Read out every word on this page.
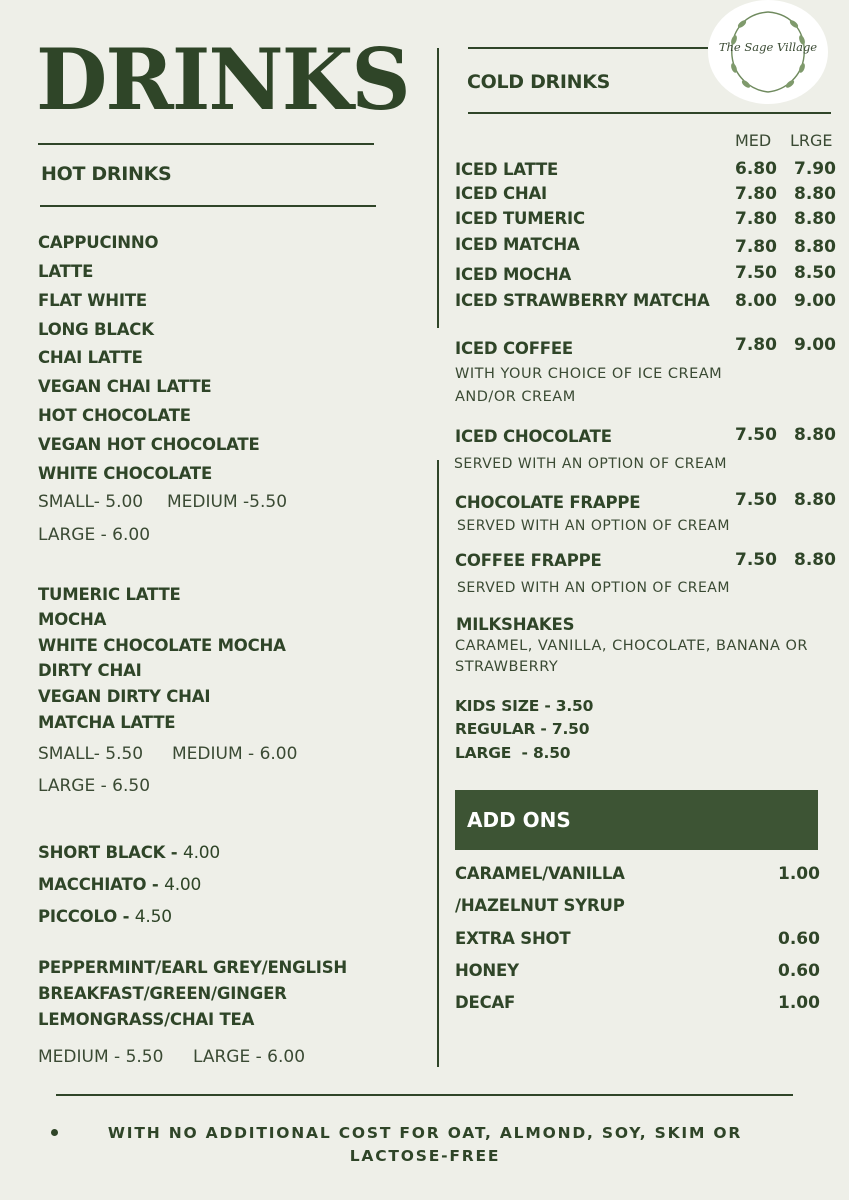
DRINKS	The Sage Village
HOT DRINKS
CAPPUCINNO
LATTE
FLAT WHITE
LONG BLACK
CHAI LATTE
VEGAN CHAI LATTE
HOT CHOCOLATE
VEGAN HOT CHOCOLATE
WHITE CHOCOLATE
SMALL- 5.00 MEDIUM -5.50
LARGE - 6.00
TUMERIC LATTE
MOCHA
WHITE CHOCOLATE MOCHA
DIRTY CHAI
VEGAN DIRTY CHAI
MATCHA LATTE
SMALL- 5.50 MEDIUM - 6.00
LARGE - 6.50
SHORT BLACK - 4.00
MACCHIATO - 4.00
PICCOLO - 4.50
PEPPERMINT/EARL GREY/ENGLISH
BREAKFAST/GREEN/GINGER
LEMONGRASS/CHAI TEA
MEDIUM - 5.50 LARGE - 6.00
COLD DRINKS
MED LRGE
ICED LATTE	6.80 7.90
ICED CHAI	7.80 8.80
ICED TUMERIC	7.80 8.80
ICED MATCHA	7.80 8.80
ICED MOCHA	7.50 8.50
ICED STRAWBERRY MATCHA 8.00 9.00
ICED COFFEE	7.80 9.00
WITH YOUR CHOICE OF ICE CREAM
AND/OR CREAM
ICED CHOCOLATE	7.50 8.80
SERVED WITH AN OPTION OF CREAM
CHOCOLATE FRAPPE	7.50 8.80
SERVED WITH AN OPTION OF CREAM
COFFEE FRAPPE	7.50 8.80
SERVED WITH AN OPTION OF CREAM
MILKSHAKES
CARAMEL, VANILLA, CHOCOLATE, BANANA OR
STRAWBERRY
KIDS SIZE - 3.50
REGULAR - 7.50
LARGE  - 8.50
ADD ONS
CARAMEL/VANILLA	1.00
/HAZELNUT SYRUP
EXTRA SHOT	0.60
HONEY	0.60
DECAF	1.00
WITH NO ADDITIONAL COST FOR OAT, ALMOND, SOY, SKIM OR LACTOSE-FREE
